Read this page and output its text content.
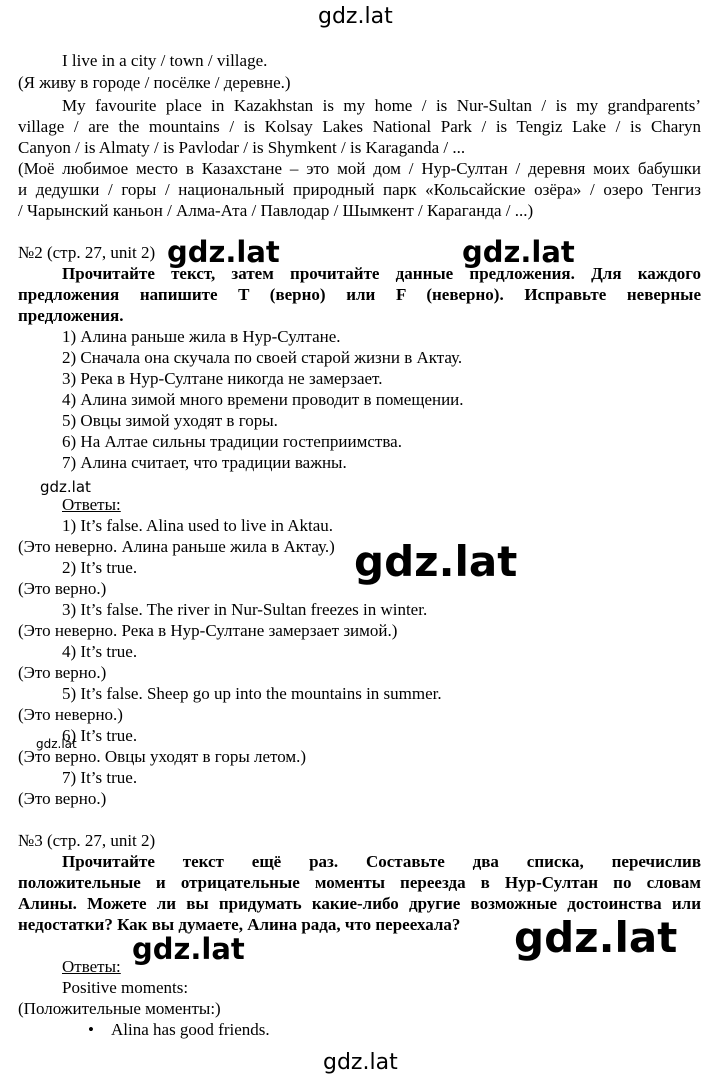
gdz.lat
I live in a city / town / village.
(Я живу в городе / посёлке / деревне.)
My favourite place in Kazakhstan is my home / is Nur-Sultan / is my grandparents’
village / are the mountains / is Kolsay Lakes National Park / is Tengiz Lake / is Charyn
Canyon / is Almaty / is Pavlodar / is Shymkent / is Karaganda / ...
(Моё любимое место в Казахстане – это мой дом / Нур-Султан / деревня моих бабушки
и дедушки / горы / национальный природный парк «Кольсайские озёра» / озеро Тенгиз
/ Чарынский каньон / Алма-Ата / Павлодар / Шымкент / Караганда / ...)
№2 (стр. 27, unit 2) gdz.lat	gdz.lat
Прочитайте текст, затем прочитайте данные предложения. Для каждого
предложения напишите T (верно) или F (неверно). Исправьте неверные
предложения.
1) Алина раньше жила в Нур-Султане.
2) Сначала она скучала по своей старой жизни в Актау.
3) Река в Нур-Султане никогда не замерзает.
4) Алина зимой много времени проводит в помещении.
5) Овцы зимой уходят в горы.
6) На Алтае сильны традиции гостеприимства.
7) Алина считает, что традиции важны.
gdz.lat
Ответы:
1) It’s false. Alina used to live in Aktau.
(Это неверно. Алина раньше жила в Актау.) gdz.lat
2) It’s true.
(Это верно.)
3) It’s false. The river in Nur-Sultan freezes in winter.
(Это неверно. Река в Нур-Султане замерзает зимой.)
4) It’s true.
(Это верно.)
5) It’s false. Sheep go up into the mountains in summer.
(Это неверно.)
6) It’s true.
(Это верно. Овцы уходят в горы летом.)
gdz.lat
7) It’s true.
(Это верно.)
№3 (стр. 27, unit 2)
Прочитайте текст ещё раз. Составьте два списка, перечислив
положительные и отрицательные моменты переезда в Нур-Султан по словам
Алины. Можете ли вы придумать какие-либо другие возможные достоинства или
недостатки? Как вы думаете, Алина рада, что переехала? gdz.lat
Ответы:
gdz.lat
Positive moments:
(Положительные моменты:)
• Alina has good friends.
gdz.lat
